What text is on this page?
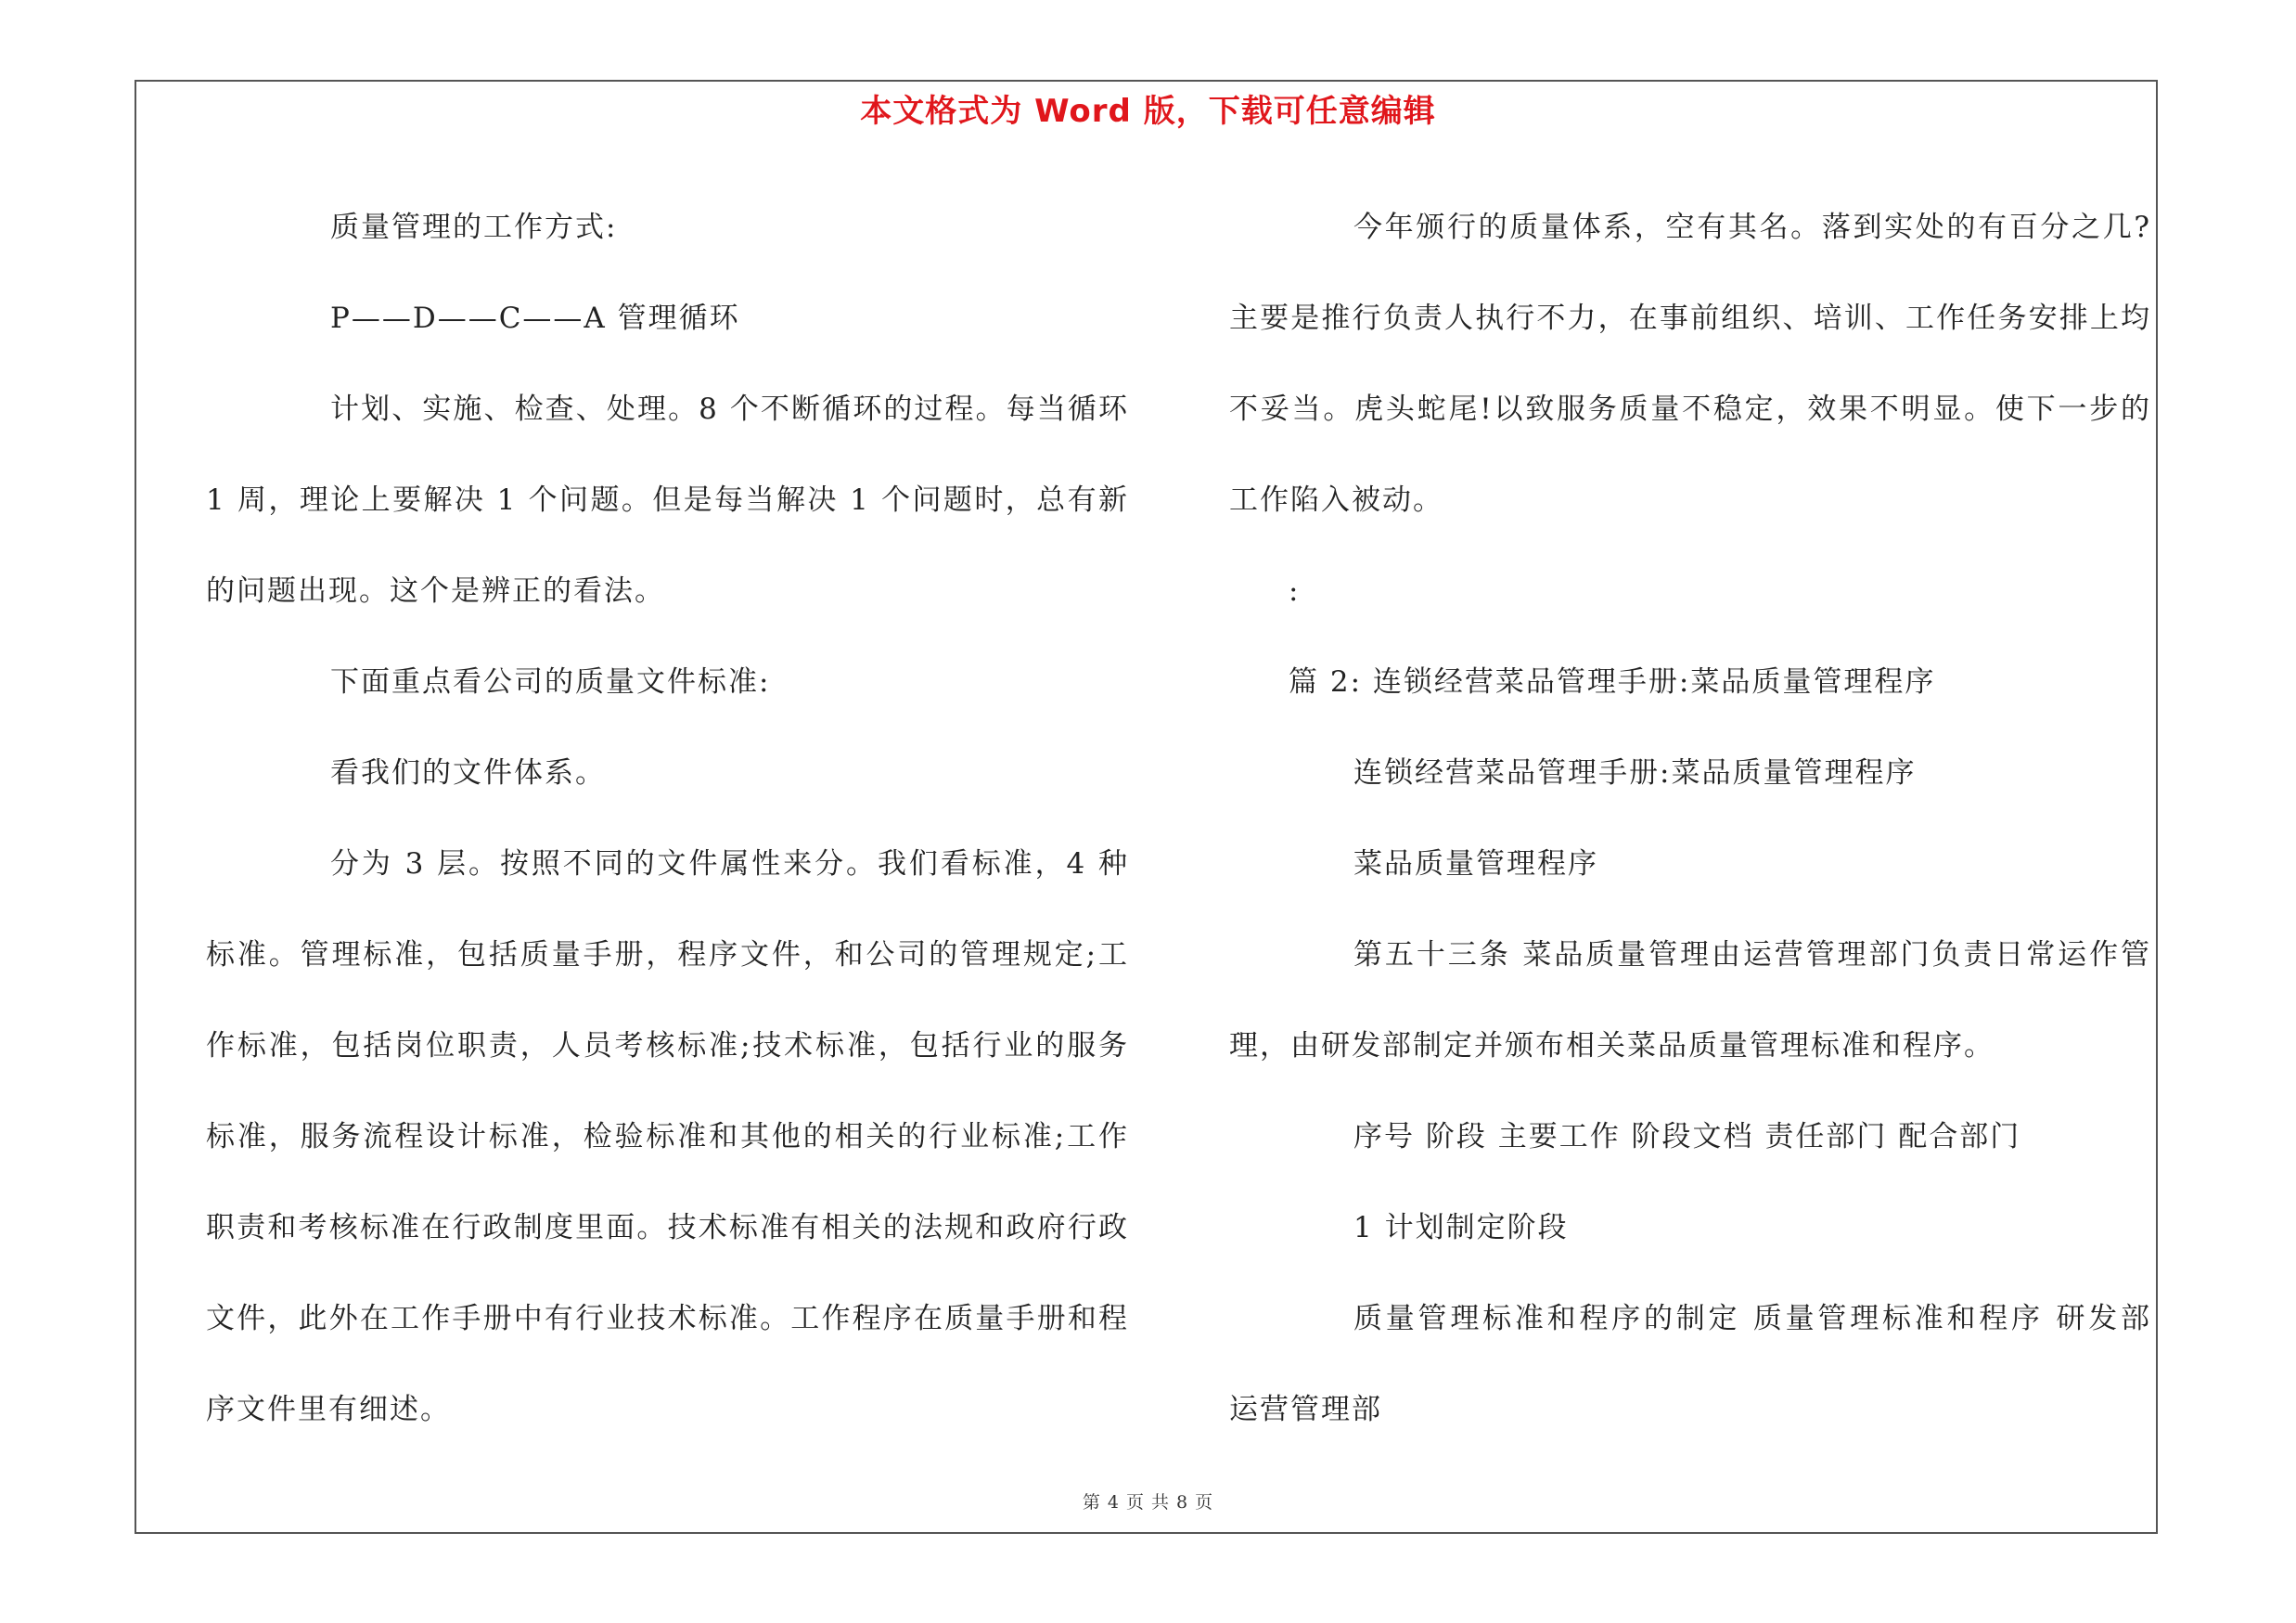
本文格式为 Word 版，下载可任意编辑

质量管理的工作方式:

P——D——C——A 管理循环

计划、实施、检查、处理。8 个不断循环的过程。每当循环 1 周，理论上要解决 1 个问题。但是每当解决 1 个问题时，总有新的问题出现。这个是辨正的看法。

下面重点看公司的质量文件标准:

看我们的文件体系。

分为 3 层。按照不同的文件属性来分。我们看标准，4 种标准。管理标准，包括质量手册，程序文件，和公司的管理规定;工作标准，包括岗位职责，人员考核标准;技术标准，包括行业的服务标准，服务流程设计标准，检验标准和其他的相关的行业标准;工作职责和考核标准在行政制度里面。技术标准有相关的法规和政府行政文件，此外在工作手册中有行业技术标准。工作程序在质量手册和程序文件里有细述。

今年颁行的质量体系，空有其名。落到实处的有百分之几?主要是推行负责人执行不力，在事前组织、培训、工作任务安排上均不妥当。虎头蛇尾!以致服务质量不稳定，效果不明显。使下一步的工作陷入被动。

:

篇 2: 连锁经营菜品管理手册:菜品质量管理程序

连锁经营菜品管理手册:菜品质量管理程序

菜品质量管理程序

第五十三条 菜品质量管理由运营管理部门负责日常运作管理，由研发部制定并颁布相关菜品质量管理标准和程序。

序号 阶段 主要工作 阶段文档 责任部门 配合部门

1 计划制定阶段

质量管理标准和程序的制定 质量管理标准和程序 研发部 运营管理部

第 4 页 共 8 页
